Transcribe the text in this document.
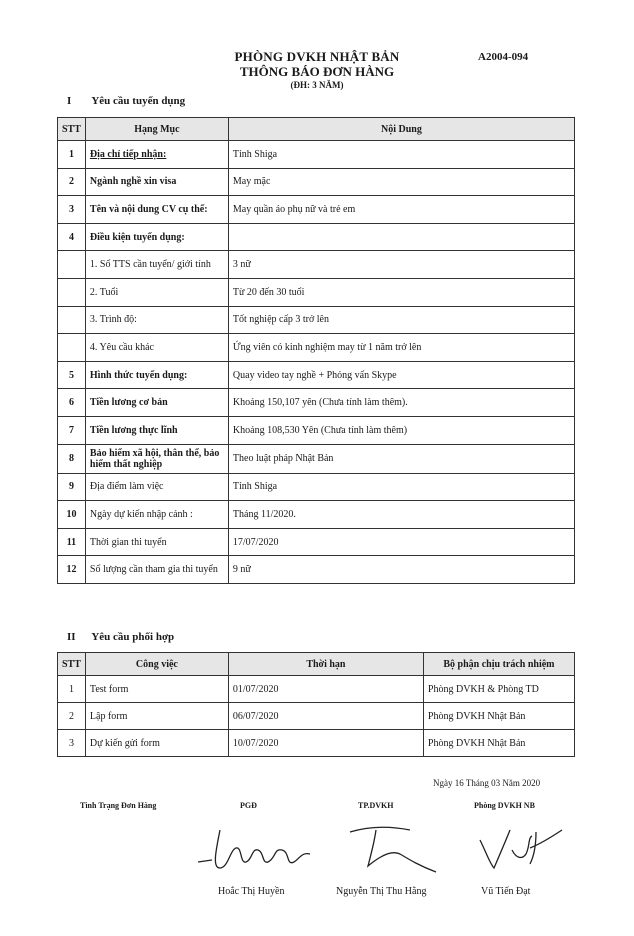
PHÒNG DVKH NHẬT BẢN
THÔNG BÁO ĐƠN HÀNG
(ĐH: 3 NĂM)
A2004-094
I Yêu cầu tuyển dụng
STT	Hạng Mục	Nội Dung
1	Địa chỉ tiếp nhận:	Tỉnh Shiga
2	Ngành nghề xin visa	May mặc
3	Tên và nội dung CV cụ thể:	May quần áo phụ nữ và trẻ em
4	Điều kiện tuyển dụng:	
	1. Số TTS cần tuyển/ giới tính	3 nữ
	2. Tuổi	Từ 20 đến 30 tuổi
	3. Trình độ:	Tốt nghiệp cấp 3 trở lên
	4. Yêu cầu khác	Ứng viên có kinh nghiệm may từ 1 năm trở lên
5	Hình thức tuyển dụng:	Quay video tay nghề + Phỏng vấn Skype
6	Tiền lương cơ bản	Khoảng 150,107 yên (Chưa tính làm thêm).
7	Tiền lương thực lĩnh	Khoảng 108,530 Yên (Chưa tính làm thêm)
8	Bảo hiểm xã hội, thân thể, bảo hiểm thất nghiệp	Theo luật pháp Nhật Bản
9	Địa điểm làm việc	Tỉnh Shiga
10	Ngày dự kiến nhập cảnh :	Tháng 11/2020.
11	Thời gian thi tuyển	17/07/2020
12	Số lượng cần tham gia thi tuyển	9 nữ
II Yêu cầu phối hợp
STT	Công việc	Thời hạn	Bộ phận chịu trách nhiệm
1	Test form	01/07/2020	Phòng DVKH & Phòng TD
2	Lập form	06/07/2020	Phòng DVKH Nhật Bản
3	Dự kiến gửi form	10/07/2020	Phòng DVKH Nhật Bản
Ngày 16 Tháng 03 Năm 2020
Tình Trạng Đơn Hàng	PGĐ	TP.DVKH	Phòng DVKH NB
Hoắc Thị Huyền	Nguyễn Thị Thu Hằng	Vũ Tiến Đạt
